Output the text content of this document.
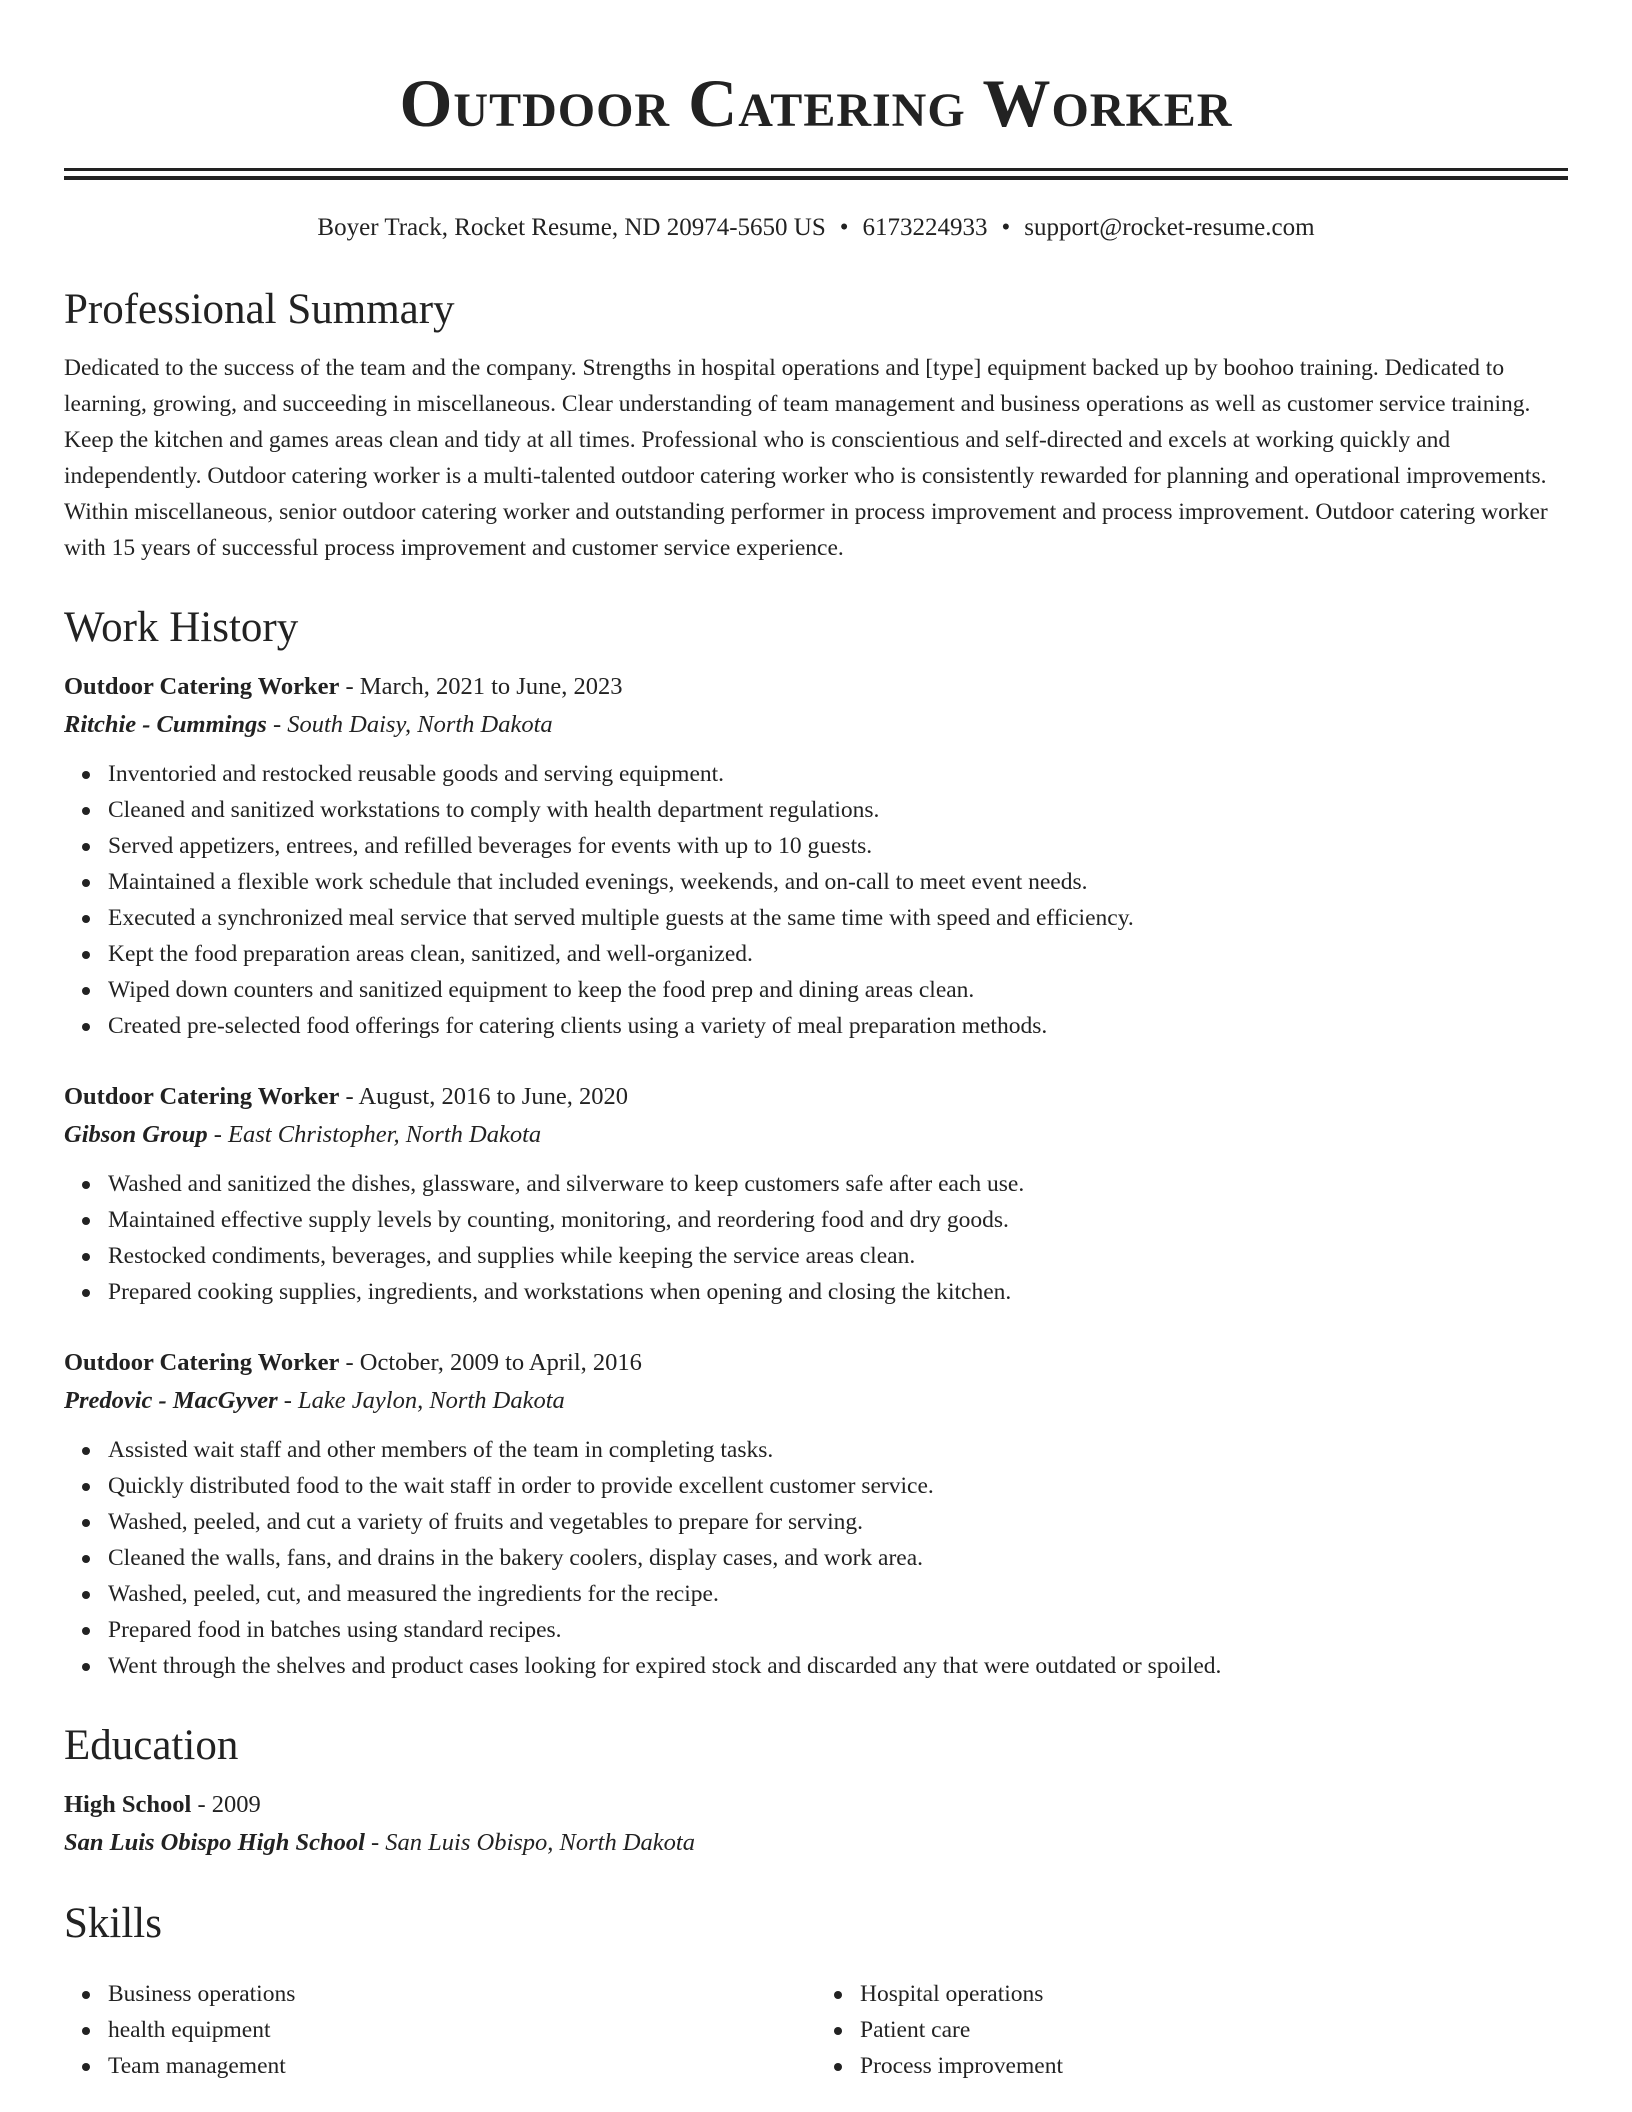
Outdoor Catering Worker
Boyer Track, Rocket Resume, ND 20974-5650 US • 6173224933 • support@rocket-resume.com
Professional Summary

Dedicated to the success of the team and the company. Strengths in hospital operations and [type] equipment backed up by boohoo training. Dedicated to learning, growing, and succeeding in miscellaneous. Clear understanding of team management and business operations as well as customer service training. Keep the kitchen and games areas clean and tidy at all times. Professional who is conscientious and self-directed and excels at working quickly and independently. Outdoor catering worker is a multi-talented outdoor catering worker who is consistently rewarded for planning and operational improvements. Within miscellaneous, senior outdoor catering worker and outstanding performer in process improvement and process improvement. Outdoor catering worker with 15 years of successful process improvement and customer service experience.

Work History
Outdoor Catering Worker - March, 2021 to June, 2023
Ritchie - Cummings - South Daisy, North Dakota
Inventoried and restocked reusable goods and serving equipment.
Cleaned and sanitized workstations to comply with health department regulations.
Served appetizers, entrees, and refilled beverages for events with up to 10 guests.
Maintained a flexible work schedule that included evenings, weekends, and on-call to meet event needs.
Executed a synchronized meal service that served multiple guests at the same time with speed and efficiency.
Kept the food preparation areas clean, sanitized, and well-organized.
Wiped down counters and sanitized equipment to keep the food prep and dining areas clean.
Created pre-selected food offerings for catering clients using a variety of meal preparation methods.
Outdoor Catering Worker - August, 2016 to June, 2020
Gibson Group - East Christopher, North Dakota
Washed and sanitized the dishes, glassware, and silverware to keep customers safe after each use.
Maintained effective supply levels by counting, monitoring, and reordering food and dry goods.
Restocked condiments, beverages, and supplies while keeping the service areas clean.
Prepared cooking supplies, ingredients, and workstations when opening and closing the kitchen.
Outdoor Catering Worker - October, 2009 to April, 2016
Predovic - MacGyver - Lake Jaylon, North Dakota
Assisted wait staff and other members of the team in completing tasks.
Quickly distributed food to the wait staff in order to provide excellent customer service.
Washed, peeled, and cut a variety of fruits and vegetables to prepare for serving.
Cleaned the walls, fans, and drains in the bakery coolers, display cases, and work area.
Washed, peeled, cut, and measured the ingredients for the recipe.
Prepared food in batches using standard recipes.
Went through the shelves and product cases looking for expired stock and discarded any that were outdated or spoiled.
Education
High School - 2009
San Luis Obispo High School - San Luis Obispo, North Dakota
Skills
Business operations
health equipment
Team management
Hospital operations
Patient care
Process improvement
